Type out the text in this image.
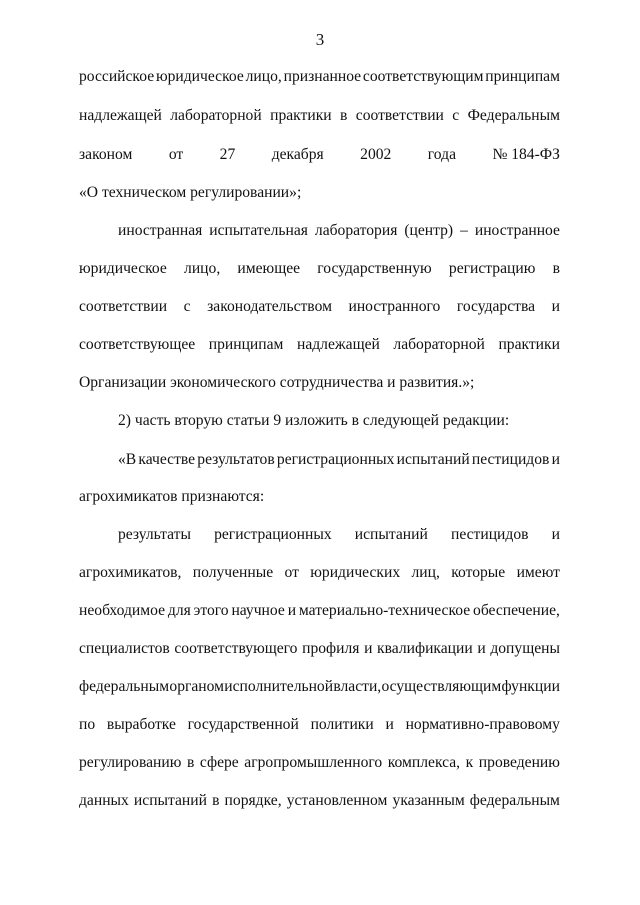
3
российское юридическое лицо, признанное соответствующим принципам
надлежащей лабораторной практики в соответствии с Федеральным
законом от 27 декабря 2002 года № 184-ФЗ
«О техническом регулировании»;
иностранная испытательная лаборатория (центр) – иностранное
юридическое лицо, имеющее государственную регистрацию в
соответствии с законодательством иностранного государства и
соответствующее принципам надлежащей лабораторной практики
Организации экономического сотрудничества и развития.»;
2) часть вторую статьи 9 изложить в следующей редакции:
«В качестве результатов регистрационных испытаний пестицидов и
агрохимикатов признаются:
результаты регистрационных испытаний пестицидов и
агрохимикатов, полученные от юридических лиц, которые имеют
необходимое для этого научное и материально-техническое обеспечение,
специалистов соответствующего профиля и квалификации и допущены
федеральным органом исполнительной власти, осуществляющим функции
по выработке государственной политики и нормативно-правовому
регулированию в сфере агропромышленного комплекса, к проведению
данных испытаний в порядке, установленном указанным федеральным
